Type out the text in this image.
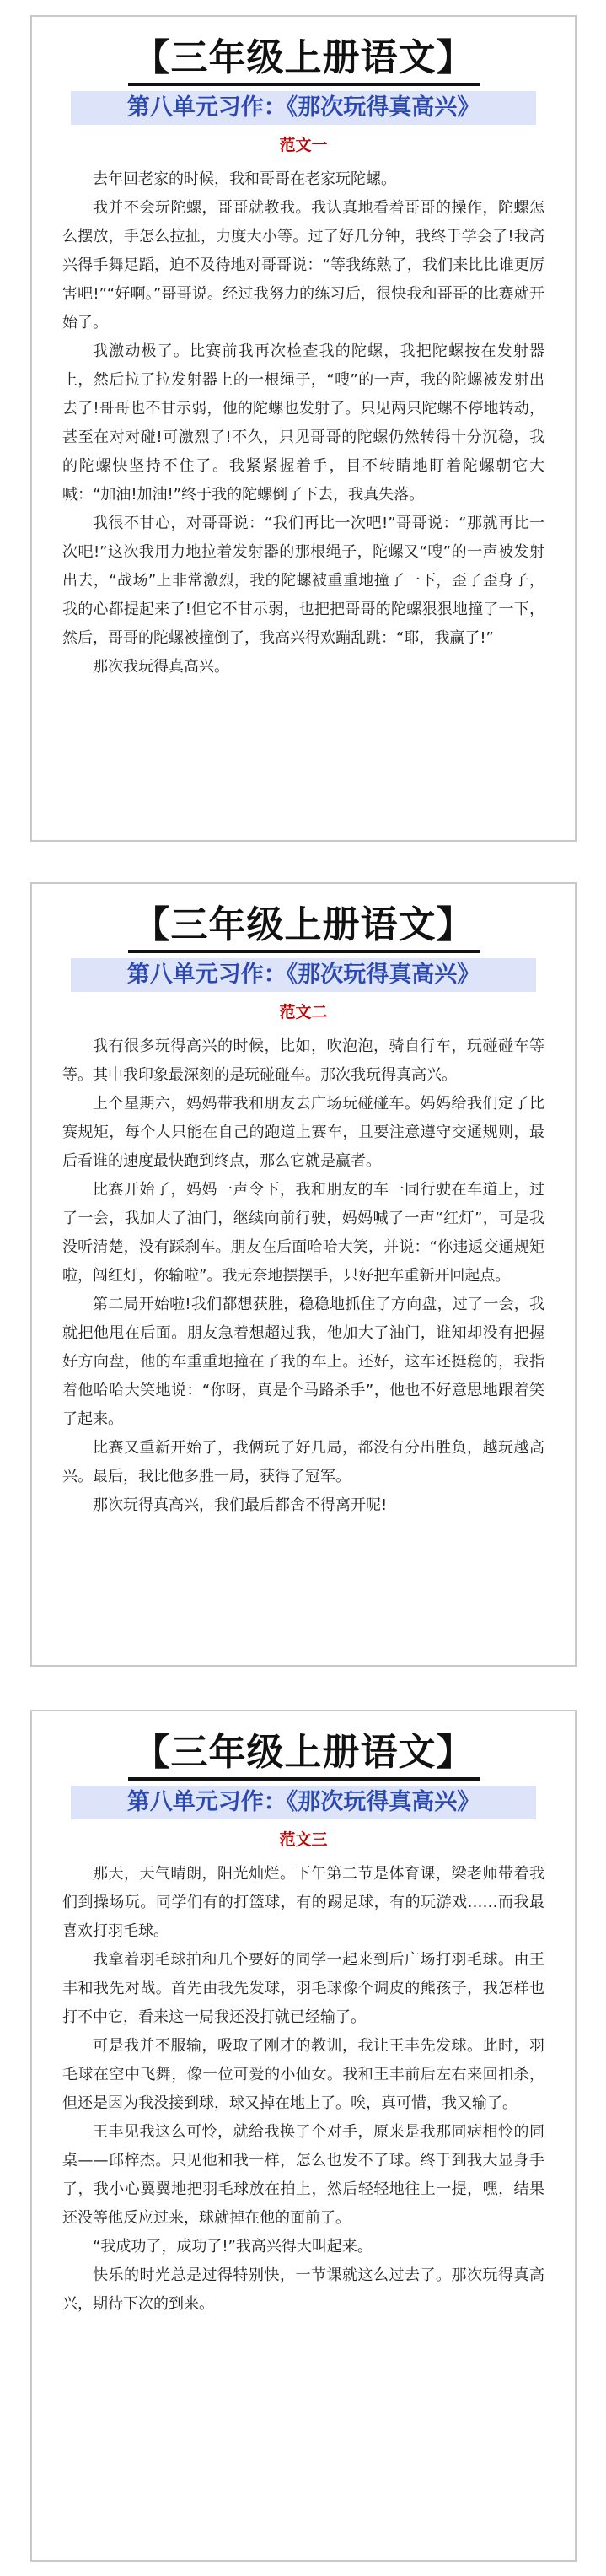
【三年级上册语文】
第八单元习作：《那次玩得真高兴》
范文一

去年回老家的时候，我和哥哥在老家玩陀螺。

我并不会玩陀螺，哥哥就教我。我认真地看着哥哥的操作，陀螺怎么摆放，手怎么拉扯，力度大小等。过了好几分钟，我终于学会了!我高兴得手舞足蹈，迫不及待地对哥哥说：“等我练熟了，我们来比比谁更厉害吧!”“好啊。”哥哥说。经过我努力的练习后，很快我和哥哥的比赛就开始了。

我激动极了。比赛前我再次检查我的陀螺，我把陀螺按在发射器上，然后拉了拉发射器上的一根绳子，“嗖”的一声，我的陀螺被发射出去了!哥哥也不甘示弱，他的陀螺也发射了。只见两只陀螺不停地转动，甚至在对对碰!可激烈了!不久，只见哥哥的陀螺仍然转得十分沉稳，我的陀螺快坚持不住了。我紧紧握着手，目不转睛地盯着陀螺朝它大喊：“加油!加油!”终于我的陀螺倒了下去，我真失落。

我很不甘心，对哥哥说：“我们再比一次吧!”哥哥说：“那就再比一次吧!”这次我用力地拉着发射器的那根绳子，陀螺又“嗖”的一声被发射出去，“战场”上非常激烈，我的陀螺被重重地撞了一下，歪了歪身子，我的心都提起来了!但它不甘示弱，也把把哥哥的陀螺狠狠地撞了一下，然后，哥哥的陀螺被撞倒了，我高兴得欢蹦乱跳：“耶，我赢了!”

那次我玩得真高兴。

【三年级上册语文】
第八单元习作：《那次玩得真高兴》
范文二

我有很多玩得高兴的时候，比如，吹泡泡，骑自行车，玩碰碰车等等。其中我印象最深刻的是玩碰碰车。那次我玩得真高兴。

上个星期六，妈妈带我和朋友去广场玩碰碰车。妈妈给我们定了比赛规矩，每个人只能在自己的跑道上赛车，且要注意遵守交通规则，最后看谁的速度最快跑到终点，那么它就是赢者。

比赛开始了，妈妈一声令下，我和朋友的车一同行驶在车道上，过了一会，我加大了油门，继续向前行驶，妈妈喊了一声“红灯”，可是我没听清楚，没有踩刹车。朋友在后面哈哈大笑，并说：“你违返交通规矩啦，闯红灯，你输啦”。我无奈地摆摆手，只好把车重新开回起点。

第二局开始啦!我们都想获胜，稳稳地抓住了方向盘，过了一会，我就把他甩在后面。朋友急着想超过我，他加大了油门，谁知却没有把握好方向盘，他的车重重地撞在了我的车上。还好，这车还挺稳的，我指着他哈哈大笑地说：“你呀，真是个马路杀手”，他也不好意思地跟着笑了起来。

比赛又重新开始了，我俩玩了好几局，都没有分出胜负，越玩越高兴。最后，我比他多胜一局，获得了冠军。

那次玩得真高兴，我们最后都舍不得离开呢!

【三年级上册语文】
第八单元习作：《那次玩得真高兴》
范文三

那天，天气晴朗，阳光灿烂。下午第二节是体育课，梁老师带着我们到操场玩。同学们有的打篮球，有的踢足球，有的玩游戏……而我最喜欢打羽毛球。

我拿着羽毛球拍和几个要好的同学一起来到后广场打羽毛球。由王丰和我先对战。首先由我先发球，羽毛球像个调皮的熊孩子，我怎样也打不中它，看来这一局我还没打就已经输了。

可是我并不服输，吸取了刚才的教训，我让王丰先发球。此时，羽毛球在空中飞舞，像一位可爱的小仙女。我和王丰前后左右来回扣杀，但还是因为我没接到球，球又掉在地上了。唉，真可惜，我又输了。

王丰见我这么可怜，就给我换了个对手，原来是我那同病相怜的同桌——邱梓杰。只见他和我一样，怎么也发不了球。终于到我大显身手了，我小心翼翼地把羽毛球放在拍上，然后轻轻地往上一提，嘿，结果还没等他反应过来，球就掉在他的面前了。

“我成功了，成功了!”我高兴得大叫起来。

快乐的时光总是过得特别快，一节课就这么过去了。那次玩得真高兴，期待下次的到来。
